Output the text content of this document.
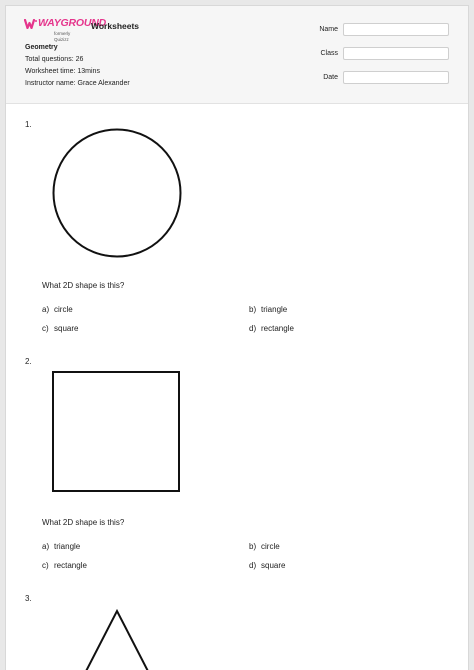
WAYGROUND
formerly Quizizz
Worksheets
Geometry
Total questions: 26
Worksheet time: 13mins
Instructor name: Grace Alexander
Name
Class
Date
1.
What 2D shape is this?
a) circle	b) triangle
c) square	d) rectangle
2.
What 2D shape is this?
a) triangle	b) circle
c) rectangle	d) square
3.
